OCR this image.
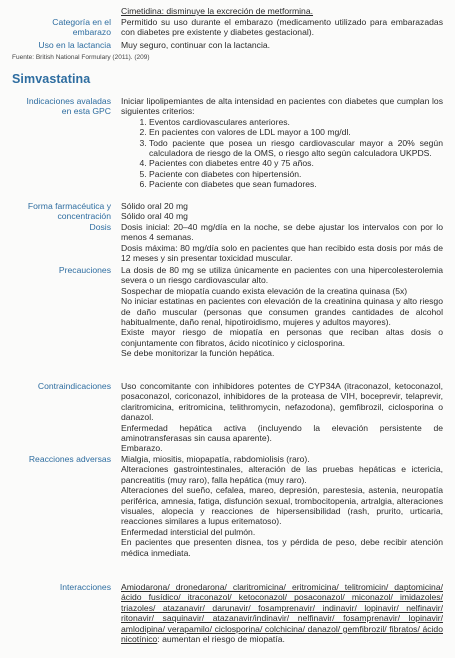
Cimetidina: disminuye la excreción de metformina.
Categoría en el embarazo
Permitido su uso durante el embarazo (medicamento utilizado para embarazadas con diabetes pre existente y diabetes gestacional).
Uso en la lactancia Muy seguro, continuar con la lactancia.
Fuente: British National Formulary (2011). (209)
Simvastatina
Indicaciones avaladas en esta GPC

Iniciar lipolipemiantes de alta intensidad en pacientes con diabetes que cumplan los siguientes criterios:

1. Eventos cardiovasculares anteriores.
2. En pacientes con valores de LDL mayor a 100 mg/dl.
3. Todo paciente que posea un riesgo cardiovascular mayor a 20% según calculadora de riesgo de la OMS, o riesgo alto según calculadora UKPDS.
4. Pacientes con diabetes entre 40 y 75 años.
5. Paciente con diabetes con hipertensión.
6. Paciente con diabetes que sean fumadores.
Forma farmacéutica y concentración

Sólido oral 20 mg

Sólido oral 40 mg

Dosis Dosis inicial: 20–40 mg/día en la noche, se debe ajustar los intervalos con por lo menos 4 semanas.

Dosis máxima: 80 mg/día solo en pacientes que han recibido esta dosis por más de 12 meses y sin presentar toxicidad muscular.

Precauciones La dosis de 80 mg se utiliza únicamente en pacientes con una hipercolesterolemia severa o un riesgo cardiovascular alto.

Sospechar de miopatía cuando exista elevación de la creatina quinasa (5x)

No iniciar estatinas en pacientes con elevación de la creatinina quinasa y alto riesgo de daño muscular (personas que consumen grandes cantidades de alcohol habitualmente, daño renal, hipotiroidismo, mujeres y adultos mayores).

Existe mayor riesgo de miopatía en personas que reciban altas dosis o conjuntamente con fibratos, ácido nicotínico y ciclosporina.

Se debe monitorizar la función hepática.

Contraindicaciones Uso concomitante con inhibidores potentes de CYP34A (itraconazol, ketoconazol, posaconazol, coriconazol, inhibidores de la proteasa de VIH, boceprevir, telaprevir, claritromicina, eritromicina, telithromycin, nefazodona), gemfibrozil, ciclosporina o danazol.

Enfermedad hepática activa (incluyendo la elevación persistente de aminotransferasas sin causa aparente).

Embarazo.

Reacciones adversas Mialgia, miositis, miopapatía, rabdomiolisis (raro).

Alteraciones gastrointestinales, alteración de las pruebas hepáticas e ictericia, pancreatitis (muy raro), falla hepática (muy raro).

Alteraciones del sueño, cefalea, mareo, depresión, parestesia, astenia, neuropatía periférica, amnesia, fatiga, disfunción sexual, trombocitopenia, artralgia, alteraciones visuales, alopecia y reacciones de hipersensibilidad (rash, prurito, urticaria, reacciones similares a lupus eritematoso).

Enfermedad intersticial del pulmón.

En pacientes que presenten disnea, tos y pérdida de peso, debe recibir atención médica inmediata.

Interacciones Amiodarona/ dronedarona/ claritromicina/ eritromicina/ telitromicin/ daptomicina/ ácido fusídico/ itraconazol/ ketoconazol/ posaconazol/ miconazol/ imidazoles/ triazoles/ atazanavir/ darunavir/ fosamprenavir/ indinavir/ lopinavir/ nelfinavir/ ritonavir/ saquinavir/ atazanavir/indinavir/ nelfinavir/ fosamprenavir/ lopinavir/ amlodipina/ verapamilo/ ciclosporina/ colchicina/ danazol/ gemfibrozil/ fibratos/ ácido nicotínico: aumentan el riesgo de miopatía.
